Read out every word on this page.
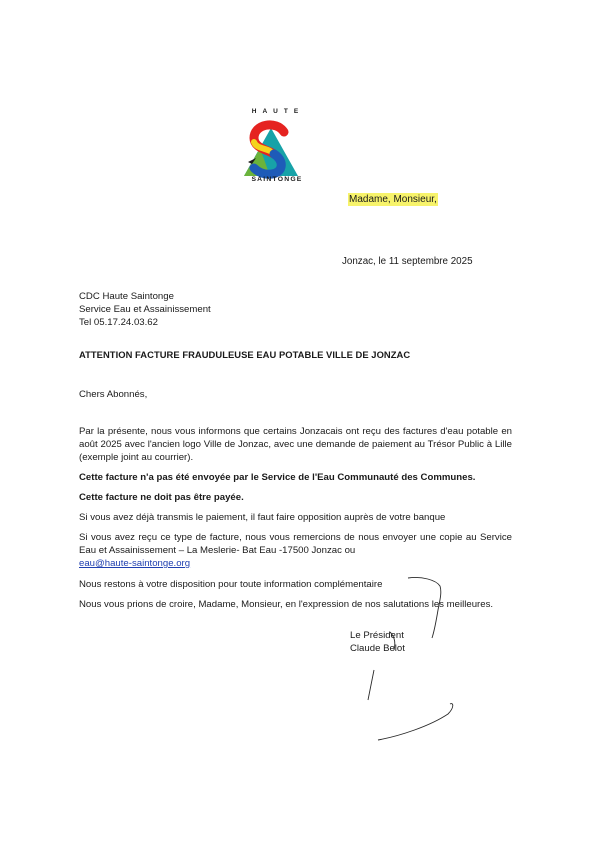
HAUTE
SAINTONGE
Madame, Monsieur,
Jonzac, le 11 septembre 2025
CDC Haute Saintonge
Service Eau et Assainissement
Tel 05.17.24.03.62
ATTENTION FACTURE FRAUDULEUSE EAU POTABLE VILLE DE JONZAC
Chers Abonnés,
Par la présente, nous vous informons que certains Jonzacais ont reçu des factures d'eau potable en août 2025 avec l'ancien logo Ville de Jonzac, avec une demande de paiement au Trésor Public à Lille (exemple joint au courrier).
Cette facture n'a pas été envoyée par le Service de l'Eau Communauté des Communes.
Cette facture ne doit pas être payée.
Si vous avez déjà transmis le paiement, il faut faire opposition auprès de votre banque
Si vous avez reçu ce type de facture, nous vous remercions de nous envoyer une copie au Service Eau et Assainissement – La Meslerie- Bat Eau -17500 Jonzac ou
eau@haute-saintonge.org
Nous restons à votre disposition pour toute information complémentaire
Nous vous prions de croire, Madame, Monsieur, en l'expression de nos salutations les meilleures.
Le Président
Claude Belot
